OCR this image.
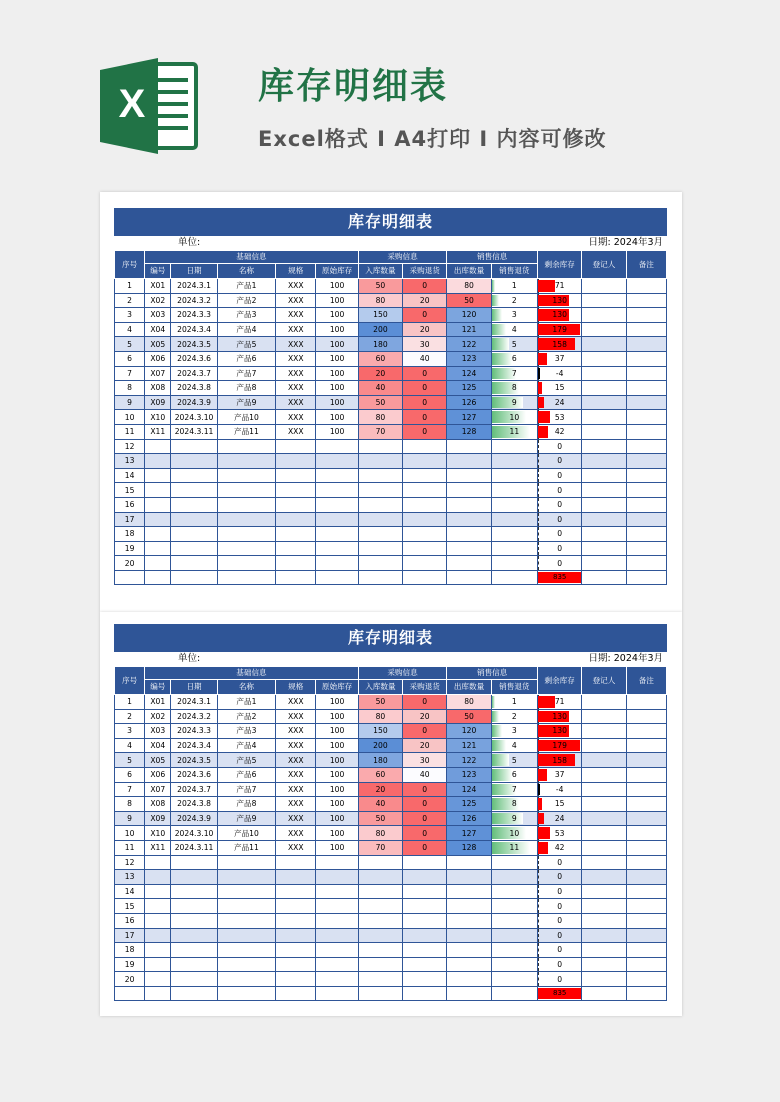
X	库存明细表
Excel格式 I A4打印 I 内容可修改
库存明细表
单位:	日期: 2024年3月
序号	基础信息					采购信息		销售信息		剩余库存	登记人	备注
	编号	日期	名称	规格	原始库存	入库数量	采购退货	出库数量	销售退货			
1	X01	2024.3.1	产品1	XXX	100	50	0	80	1	71		
2	X02	2024.3.2	产品2	XXX	100	80	20	50	2	130		
3	X03	2024.3.3	产品3	XXX	100	150	0	120	3	130		
4	X04	2024.3.4	产品4	XXX	100	200	20	121	4	179		
5	X05	2024.3.5	产品5	XXX	100	180	30	122	5	158		
6	X06	2024.3.6	产品6	XXX	100	60	40	123	6	37		
7	X07	2024.3.7	产品7	XXX	100	20	0	124	7	-4		
8	X08	2024.3.8	产品8	XXX	100	40	0	125	8	15		
9	X09	2024.3.9	产品9	XXX	100	50	0	126	9	24		
10	X10	2024.3.10	产品10	XXX	100	80	0	127	10	53		
11	X11	2024.3.11	产品11	XXX	100	70	0	128	11	42		
12										0		
13										0		
14										0		
15										0		
16										0		
17										0		
18										0		
19										0		
20										0		

										835		

库存明细表
单位:	日期: 2024年3月
序号	基础信息					采购信息		销售信息		剩余库存	登记人	备注
	编号	日期	名称	规格	原始库存	入库数量	采购退货	出库数量	销售退货			
1	X01	2024.3.1	产品1	XXX	100	50	0	80	1	71		
2	X02	2024.3.2	产品2	XXX	100	80	20	50	2	130		
3	X03	2024.3.3	产品3	XXX	100	150	0	120	3	130		
4	X04	2024.3.4	产品4	XXX	100	200	20	121	4	179		
5	X05	2024.3.5	产品5	XXX	100	180	30	122	5	158		
6	X06	2024.3.6	产品6	XXX	100	60	40	123	6	37		
7	X07	2024.3.7	产品7	XXX	100	20	0	124	7	-4		
8	X08	2024.3.8	产品8	XXX	100	40	0	125	8	15		
9	X09	2024.3.9	产品9	XXX	100	50	0	126	9	24		
10	X10	2024.3.10	产品10	XXX	100	80	0	127	10	53		
11	X11	2024.3.11	产品11	XXX	100	70	0	128	11	42		
12										0		
13										0		
14										0		
15										0		
16										0		
17										0		
18										0		
19										0		
20										0		

										835		
